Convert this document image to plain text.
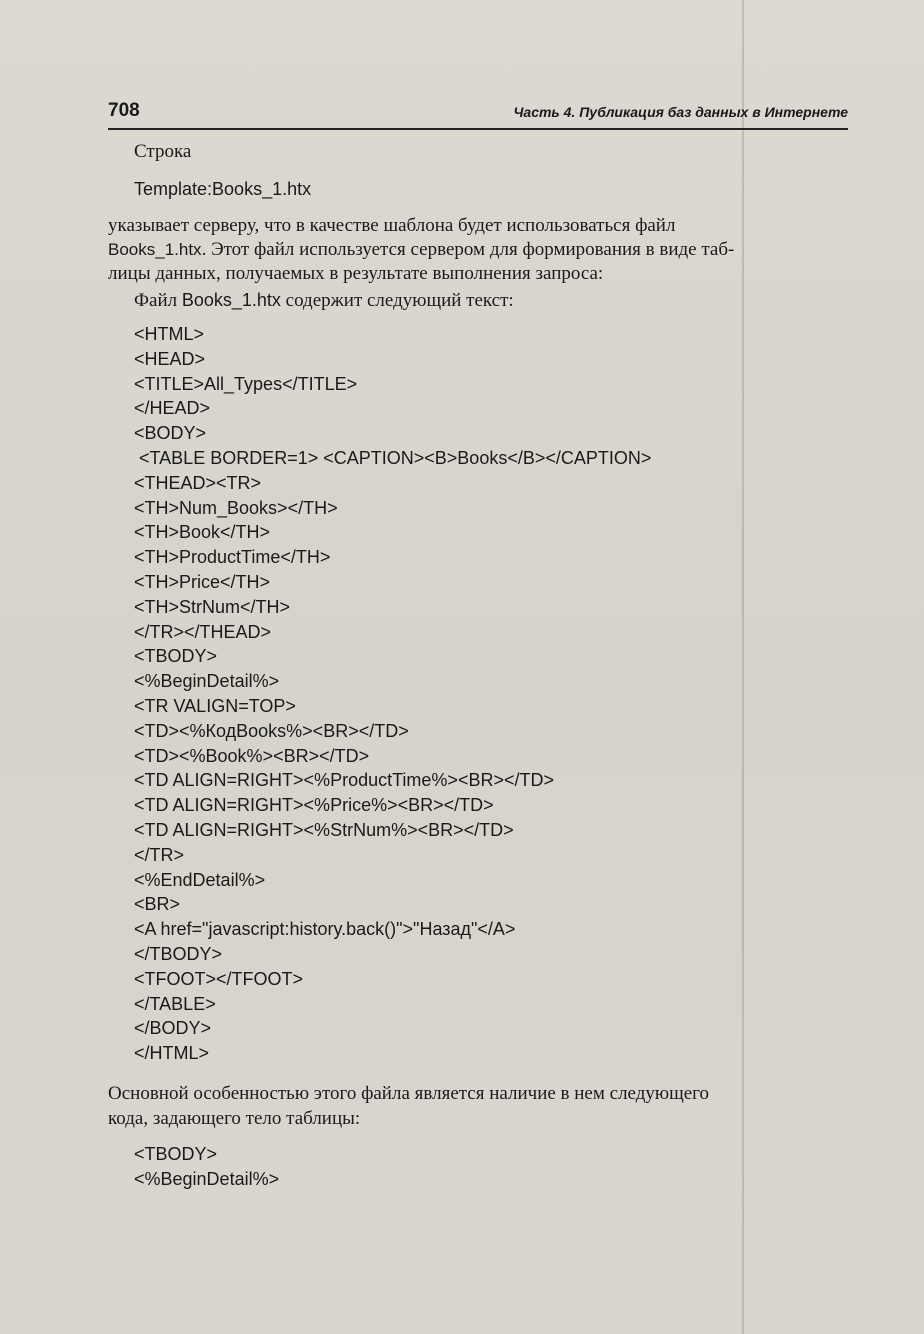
708	Часть 4. Публикация баз данных в Интернете
Строка
Template:Books_1.htx
указывает серверу, что в качестве шаблона будет использоваться файл
Books_1.htx. Этот файл используется сервером для формирования в виде таб-
лицы данных, получаемых в результате выполнения запроса:
Файл Books_1.htx содержит следующий текст:
<HTML>
<HEAD>
<TITLE>All_Types</TITLE>
</HEAD>
<BODY>
<TABLE BORDER=1> <CAPTION><B>Books</B></CAPTION>
<THEAD><TR>
<TH>Num_Books></TH>
<TH>Book</TH>
<TH>ProductTime</TH>
<TH>Price</TH>
<TH>StrNum</TH>
</TR></THEAD>
<TBODY>
<%BeginDetail%>
<TR VALIGN=TOP>
<TD><%КодBooks%><BR></TD>
<TD><%Book%><BR></TD>
<TD ALIGN=RIGHT><%ProductTime%><BR></TD>
<TD ALIGN=RIGHT><%Price%><BR></TD>
<TD ALIGN=RIGHT><%StrNum%><BR></TD>
</TR>
<%EndDetail%>
<BR>
<A href="javascript:history.back()">"Назад"</A>
</TBODY>
<TFOOT></TFOOT>
</TABLE>
</BODY>
</HTML>
Основной особенностью этого файла является наличие в нем следующего
кода, задающего тело таблицы:
<TBODY>
<%BeginDetail%>
